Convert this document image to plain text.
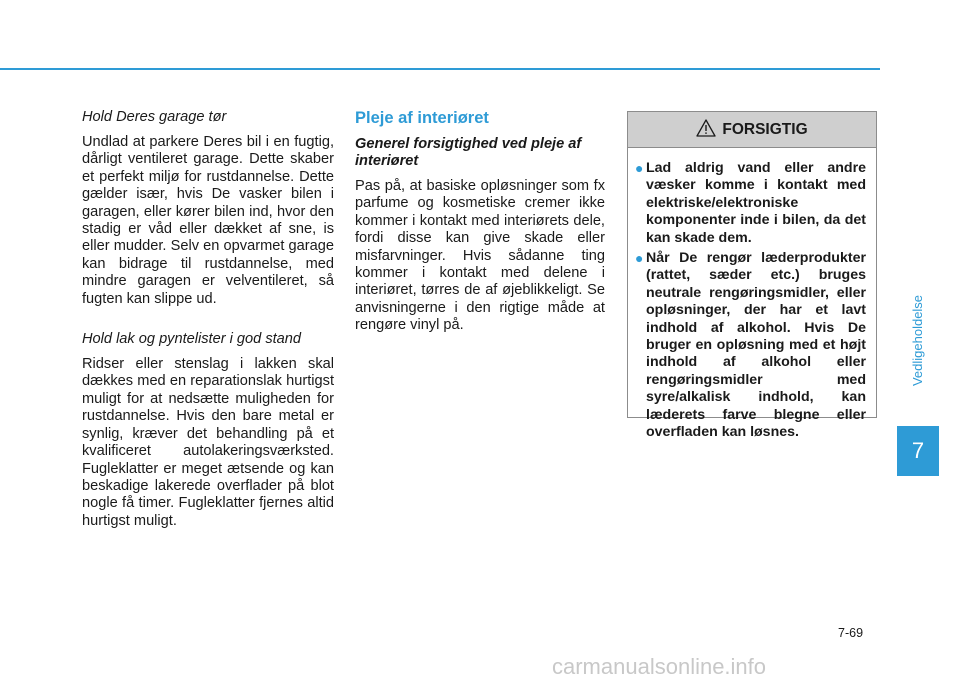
Hold Deres garage tør

Undlad at parkere Deres bil i en fugtig, dårligt ventileret garage. Dette skaber et perfekt miljø for rustdannelse. Dette gælder især, hvis De vasker bilen i garagen, eller kører bilen ind, hvor den stadig er våd eller dækket af sne, is eller mudder. Selv en opvarmet garage kan bidrage til rustdannelse, med mindre garagen er velventileret, så fugten kan slippe ud.

Hold lak og pyntelister i god stand

Ridser eller stenslag i lakken skal dækkes med en reparationslak hurtigst muligt for at nedsætte muligheden for rustdannelse. Hvis den bare metal er synlig, kræver det behandling på et kvalificeret autolakeringsværksted. Fugleklatter er meget ætsende og kan beskadige lakerede overflader på blot nogle få timer. Fugleklatter fjernes altid hurtigst muligt.

Pleje af interiøret
Generel forsigtighed ved pleje af interiøret

Pas på, at basiske opløsninger som fx parfume og kosmetiske cremer ikke kommer i kontakt med interiørets dele, fordi disse kan give skade eller misfarvninger. Hvis sådanne ting kommer i kontakt med delene i interiøret, tørres de af øjeblikkeligt. Se anvisningerne i den rigtige måde at rengøre vinyl på.

FORSIGTIG
● Lad aldrig vand eller andre væsker komme i kontakt med elektriske/elektroniske komponenter inde i bilen, da det kan skade dem.
● Når De rengør læderprodukter (rattet, sæder etc.) bruges neutrale rengøringsmidler, eller opløsninger, der har et lavt indhold af alkohol. Hvis De bruger en opløsning med et højt indhold af alkohol eller rengøringsmidler med syre/alkalisk indhold, kan læderets farve blegne eller overfladen kan løsnes.
Vedligeholdelse
7
7-69
carmanualsonline.info
